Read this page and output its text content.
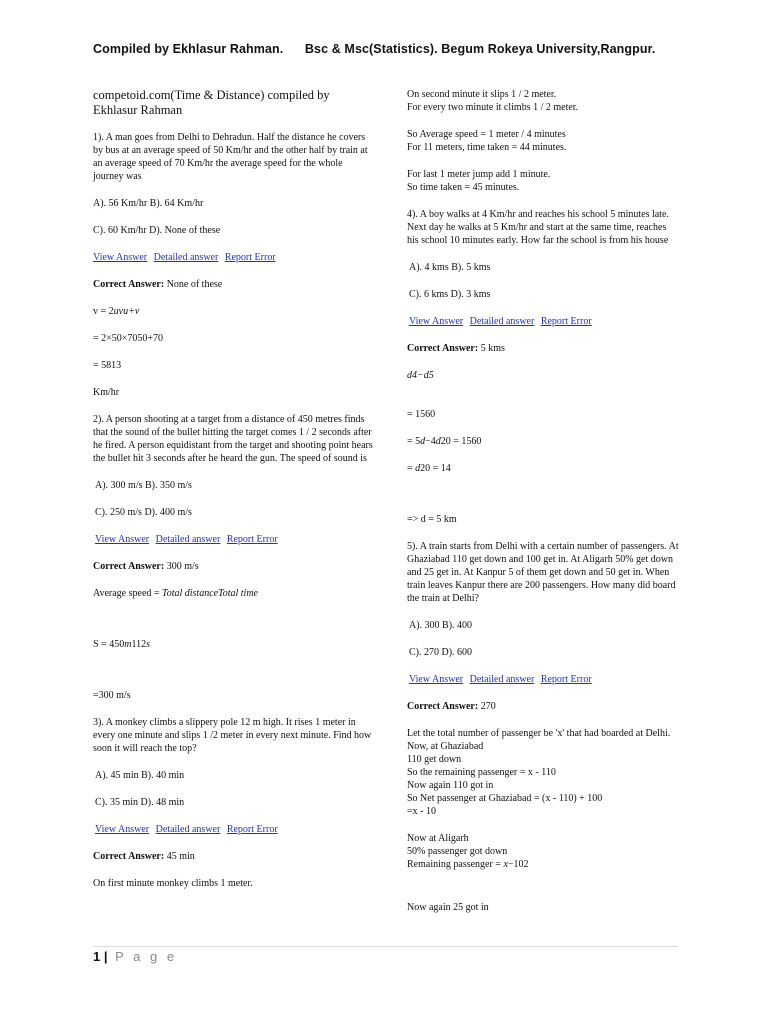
Compiled by Ekhlasur Rahman. Bsc & Msc(Statistics). Begum Rokeya University,Rangpur.

competoid.com(Time & Distance) compiled by Ekhlasur Rahman

1). A man goes from Delhi to Dehradun. Half the distance he covers by bus at an average speed of 50 Km/hr and the other half by train at an average speed of 70 Km/hr the average speed for the whole journey was

A). 56 Km/hr B). 64 Km/hr

C). 60 Km/hr D). None of these

View Answer Detailed answer Report Error

Correct Answer: None of these

v = 2uvu+v

= 2×50×7050+70

= 5813

Km/hr

2). A person shooting at a target from a distance of 450 metres finds that the sound of the bullet hitting the target comes 1 / 2 seconds after he fired. A person equidistant from the target and shooting point hears the bullet hit 3 seconds after he heard the gun. The speed of sound is

A). 300 m/s B). 350 m/s

C). 250 m/s D). 400 m/s

View Answer Detailed answer Report Error

Correct Answer: 300 m/s

Average speed = Total distanceTotal time

S = 450m112s

=300 m/s

3). A monkey climbs a slippery pole 12 m high. It rises 1 meter in every one minute and slips 1 /2 meter in every next minute. Find how soon it will reach the top?

A). 45 min B). 40 min

C). 35 min D). 48 min

View Answer Detailed answer Report Error

Correct Answer: 45 min

On first minute monkey climbs 1 meter.

On second minute it slips 1 / 2 meter.

For every two minute it climbs 1 / 2 meter.

So Average speed = 1 meter / 4 minutes

For 11 meters, time taken = 44 minutes.

For last 1 meter jump add 1 minute.

So time taken = 45 minutes.

4). A boy walks at 4 Km/hr and reaches his school 5 minutes late. Next day he walks at 5 Km/hr and start at the same time, reaches his school 10 minutes early. How far the school is from his house

A). 4 kms B). 5 kms

C). 6 kms D). 3 kms

View Answer Detailed answer Report Error

Correct Answer: 5 kms

d4−d5

= 1560

= 5d−4d20 = 1560

= d20 = 14

=> d = 5 km

5). A train starts from Delhi with a certain number of passengers. At Ghaziabad 110 get down and 100 get in. At Aligarh 50% get down and 25 get in. At Kanpur 5 of them get down and 50 get in. When train leaves Kanpur there are 200 passengers. How many did board the train at Delhi?

A). 300 B). 400

C). 270 D). 600

View Answer Detailed answer Report Error

Correct Answer: 270

Let the total number of passenger be 'x' that had boarded at Delhi.
Now, at Ghaziabad
110 get down
So the remaining passenger = x - 110
Now again 110 got in
So Net passenger at Ghaziabad = (x - 110) + 100
=x - 10
Now at Aligarh
50% passenger got down
Remaining passenger = x−102

Now again 25 got in

1 | P a g e
